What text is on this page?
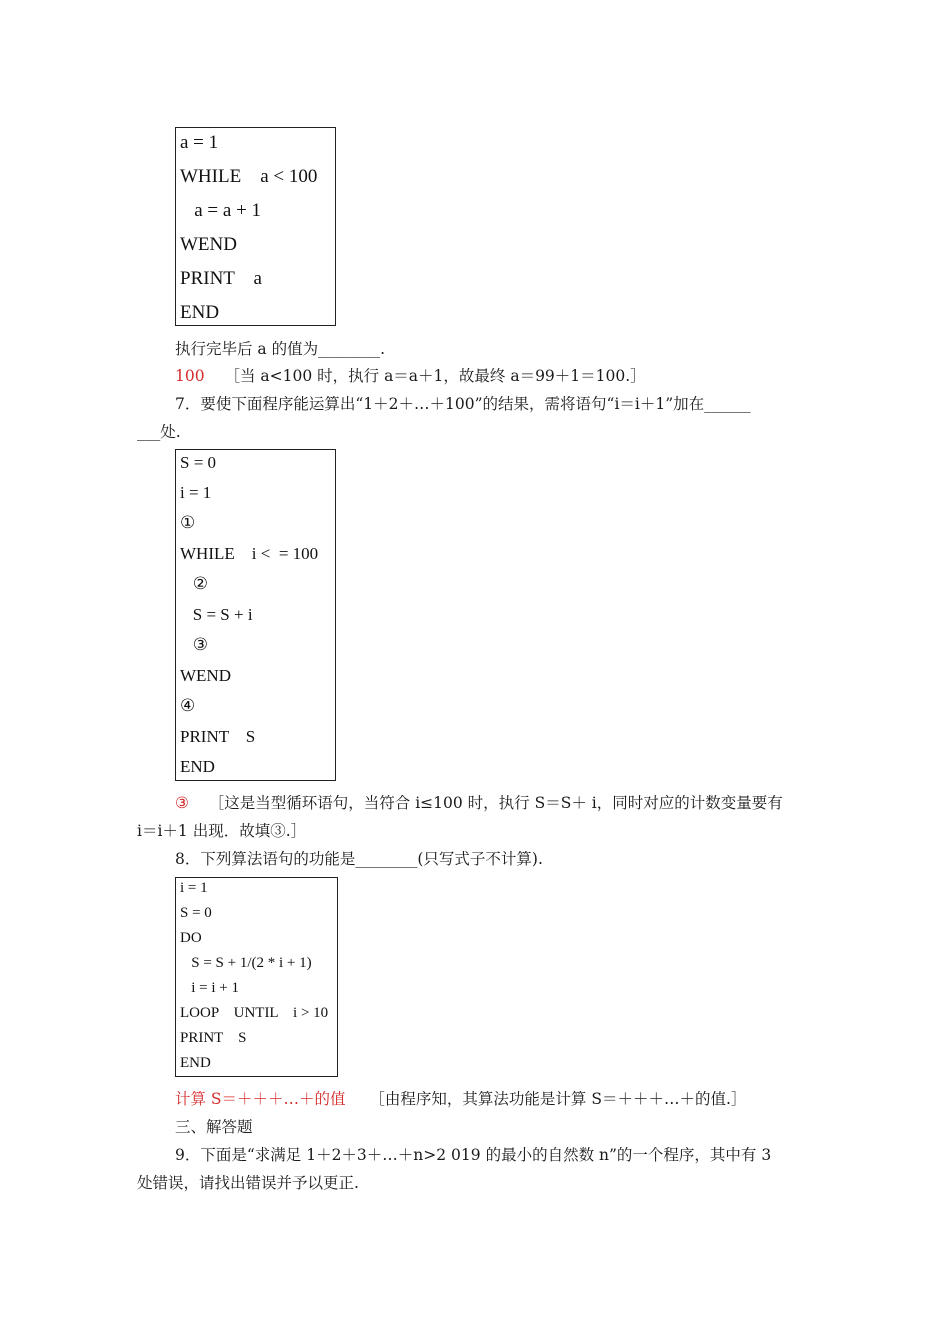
a = 1
WHILE    a < 100
a = a + 1
WEND
PRINT    a
END
执行完毕后 a 的值为________.
100 ［当 a<100 时，执行 a＝a＋1，故最终 a＝99＋1＝100.］
7．要使下面程序能运算出“1＋2＋…＋100”的结果，需将语句“i＝i＋1”加在______
___处.
S = 0
i = 1
①
WHILE    i <  = 100
②
S = S + i
③
WEND
④
PRINT    S
END
③ ［这是当型循环语句，当符合 i≤100 时，执行 S＝S＋ i，同时对应的计数变量要有
i＝i＋1 出现．故填③.］
8．下列算法语句的功能是________(只写式子不计算).
i = 1
S = 0
DO
S = S + 1/(2 * i + 1)
i = i + 1
LOOP    UNTIL    i > 10
PRINT    S
END
计算 S＝＋＋＋…＋的值 ［由程序知，其算法功能是计算 S＝＋＋＋…＋的值.］
三、解答题
9．下面是“求满足 1＋2＋3＋…＋n>2 019 的最小的自然数 n”的一个程序，其中有 3
处错误，请找出错误并予以更正.
